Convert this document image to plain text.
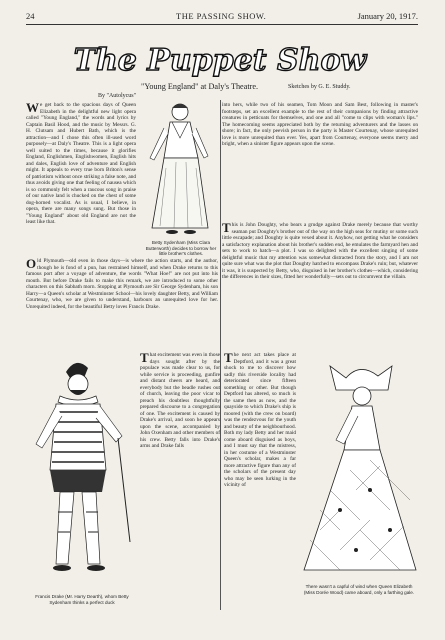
24	THE PASSING SHOW.	January 20, 1917.
The Puppet Show
"Young England" at Daly's Theatre.	Sketches by G. E. Studdy.
By "Autolycus"

We get back to the spacious days of Queen Elizabeth in the delightful new light opera called "Young England," the words and lyrics by Captain Basil Hood, and the music by Messrs. G. H. Clutsam and Hubert Bath, which is the attraction—and I chose this often ill-used word purposely—at Daly's Theatre. This is a light opera well suited to the times, because it glorifies England, Englishmen, Englishwomen, English hits and dales, English love of adventure and English might. It appeals to every true born Briton's sense of patriotism without once striking a false note, and thus avoids giving one that feeling of nausea which is so commonly felt when a raucous song in praise of our native land is chucked on the chest of some dog-horned vocalist. As is usual, I believe, in opera, there are many songs sung. But those in "Young England" about old England are not the least like that.

Betty Sydenham (Miss Clara Butterworth) decides to borrow her little brother's clothes.

into hers, while two of his seamen, Tom Moon and Sam Best, following in master's footsteps, set an excellent example to the rest of their companions by finding attractive creatures in petticoats for themselves, and one and all "come to clips with woman's lips." The homecoming seems appreciated both by the returning adventurers and the lasses on shore; in fact, the only peevish person in the party is Master Courtenay, whose unrequited love is more unrequited than ever. Yes, apart from Courtenay, everyone seems merry and bright, when a sinister figure appears upon the scene.

Old Plymouth—old even in those days—is where the action starts, and the author, though he is fond of a pun, has restrained himself, and when Drake returns to this famous port after a voyage of adventure, the words "What Hoe!" are not put into his mouth. But before Drake fails to make this remark, we are introduced to some other characters on this Sabbath morn. Stopping at Plymouth are Sir George Sydenham, his son Harry—a Queen's scholar at Westminster School—his lovely daughter Betty, and William Courtenay, who, we are given to understand, harbours an unrequited love for her. Unrequited indeed, for the beautiful Betty loves Francis Drake.

This is John Doughty, who bears a grudge against Drake merely because that worthy seaman put Doughty's brother out of the way on the high seas for mutiny or some such little escapade; and Doughty is quite vexed about it. Anyhow, not getting what he considers a satisfactory explanation about his brother's sudden end, he emulates the farmyard hen and sets to work to hatch—a plot. I was so delighted with the excellent singing of some delightful music that my attention was somewhat distracted from the story, and I am not quite sure what was the plot that Doughty hatched to encompass Drake's ruin; but, whatever it was, it is suspected by Betty, who, disguised in her brother's clothes—which, considering the differences in their sizes, fitted her wonderfully—sets out to circumvent the villain.

Francis Drake (Mr. Harry Dearth), whom Betty Sydenham thinks a perfect duck

That excitement was even in those days sought after by the populace was made clear to us, for while service is proceeding, gunfire and distant cheers are heard, and everybody but the beadle rushes out of church, leaving the poor vicar to preach his doubtless thoughtfully prepared discourse to a congregation of one. The excitement is caused by Drake's arrival, and soon he appears upon the scene, accompanied by John Oxenham and other members of his crew. Betty falls into Drake's arms and Drake falls

The next act takes place at Deptford, and it was a great shock to me to discover how sadly this riverside locality had deteriorated since fifteen something or other. But though Deptford has altered, so much is the same then as now, and the quayside to which Drake's ship is moored (with the crew on board) was the rendezvous for the youth and beauty of the neighbourhood. Both my lady Betty and her maid come aboard disguised as boys, and I must say that the mistress, in her costume of a Westminster Queen's scholar, makes a far more attractive figure than any of the scholars of the present day who may be seen lurking in the vicinity of

There wasn't a capful of wind when Queen Elizabeth (Miss Dorée Wood) came aboard, only a farthing gale.
